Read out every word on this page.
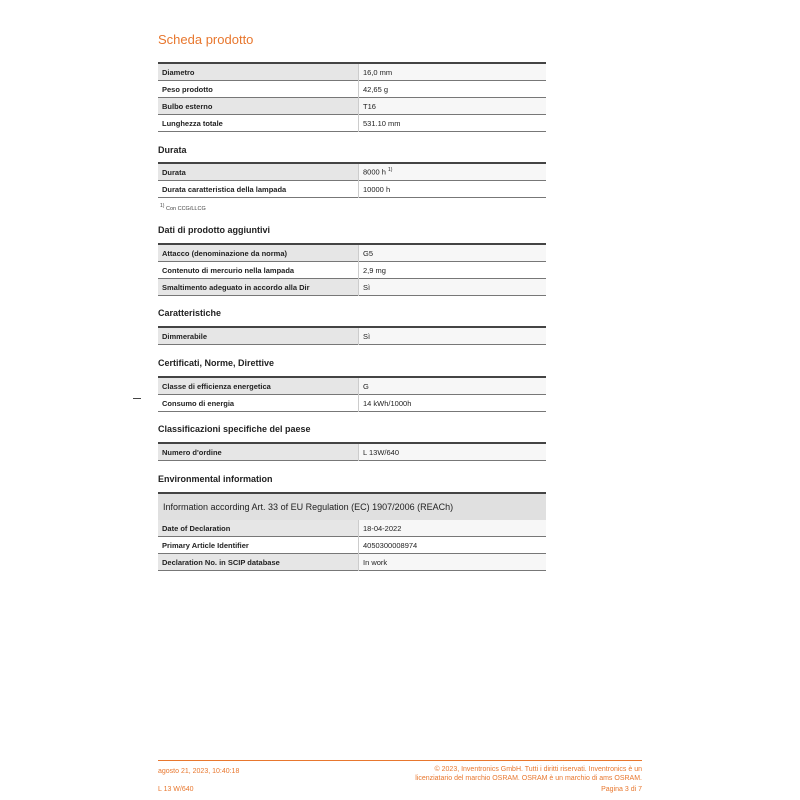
Scheda prodotto
Diametro	16,0 mm
Peso prodotto	42,65 g
Bulbo esterno	T16
Lunghezza totale	531.10 mm
Durata
Durata	8000 h $^{1)}$
Durata caratteristica della lampada	10000 h
$^{1)}$ Con CCG/LLCG
Dati di prodotto aggiuntivi
Attacco (denominazione da norma)	G5
Contenuto di mercurio nella lampada	2,9 mg
Smaltimento adeguato in accordo alla Dir	Sì
Caratteristiche
Dimmerabile	Sì
Certificati, Norme, Direttive
Classe di efficienza energetica	G
Consumo di energia	14 kWh/1000h
Classificazioni specifiche del paese
Numero d'ordine	L 13W/640
Environmental information
Information according Art. 33 of EU Regulation (EC) 1907/2006 (REACh)
Date of Declaration	18-04-2022
Primary Article Identifier	4050300008974
Declaration No. in SCIP database	In work
agosto 21, 2023, 10:40:18	© 2023, Inventronics GmbH. Tutti i diritti riservati. Inventronics è un
licenziatario del marchio OSRAM. OSRAM è un marchio di ams OSRAM.
L 13 W/640	Pagina 3 di 7
